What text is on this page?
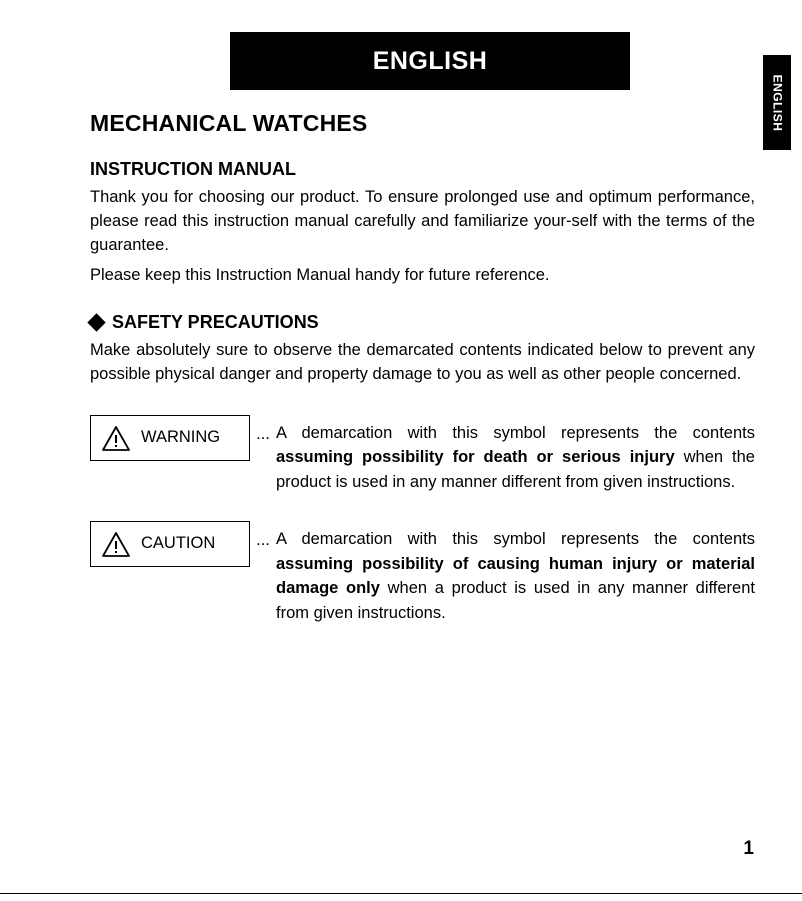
ENGLISH
ENGLISH
MECHANICAL WATCHES
INSTRUCTION MANUAL

Thank you for choosing our product. To ensure prolonged use and optimum performance, please read this instruction manual carefully and familiarize your-self with the terms of the guarantee.

Please keep this Instruction Manual handy for future reference.

SAFETY PRECAUTIONS

Make absolutely sure to observe the demarcated contents indicated below to prevent any possible physical danger and property damage to you as well as other people concerned.

WARNING	... A demarcation with this symbol represents the contents assuming possibility for death or serious injury when the product is used in any manner different from given instructions.
CAUTION	... A demarcation with this symbol represents the contents assuming possibility of causing human injury or material damage only when a product is used in any manner different from given instructions.
1
